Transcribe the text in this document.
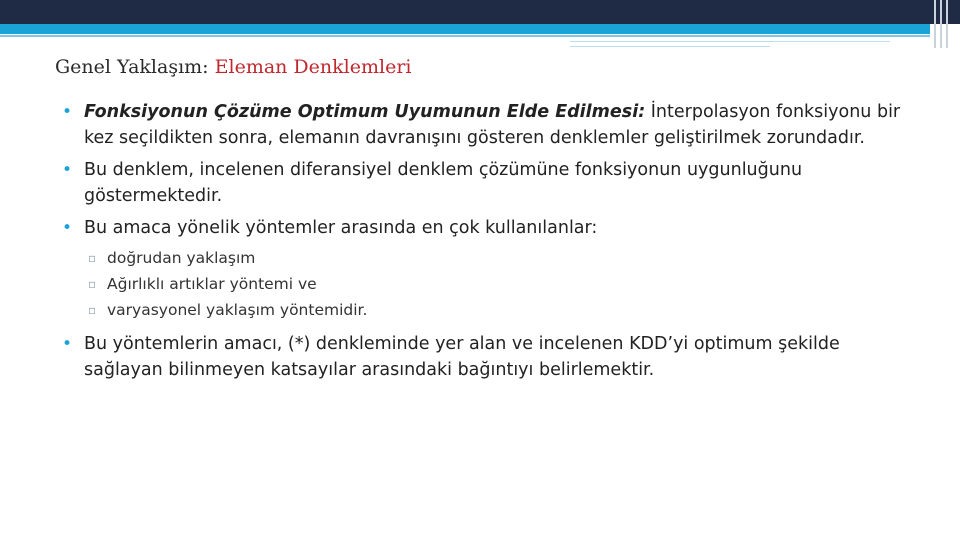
Genel Yaklaşım: Eleman Denklemleri
• Fonksiyonun Çözüme Optimum Uyumunun Elde Edilmesi: İnterpolasyon fonksiyonu bir kez seçildikten sonra, elemanın davranışını gösteren denklemler geliştirilmek zorundadır.
• Bu denklem, incelenen diferansiyel denklem çözümüne fonksiyonun uygunluğunu göstermektedir.
• Bu amaca yönelik yöntemler arasında en çok kullanılanlar:
▫ doğrudan yaklaşım
▫ Ağırlıklı artıklar yöntemi ve
▫ varyasyonel yaklaşım yöntemidir.
• Bu yöntemlerin amacı, (*) denkleminde yer alan ve incelenen KDD’yi optimum şekilde sağlayan bilinmeyen katsayılar arasındaki bağıntıyı belirlemektir.
